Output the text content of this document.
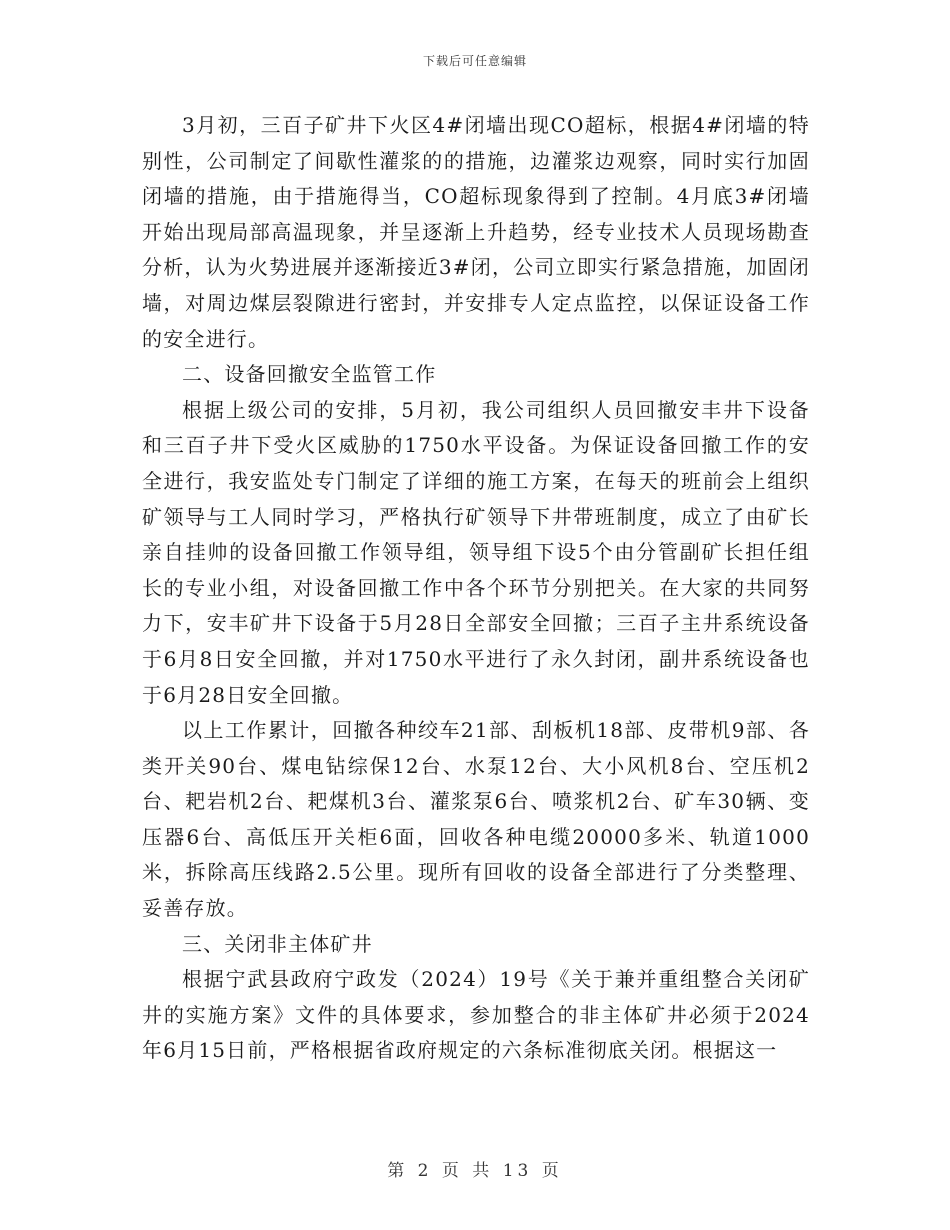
下载后可任意编辑

3月初，三百子矿井下火区4#闭墙出现CO超标，根据4#闭墙的特别性，公司制定了间歇性灌浆的的措施，边灌浆边观察，同时实行加固闭墙的措施，由于措施得当，CO超标现象得到了控制。4月底3#闭墙开始出现局部高温现象，并呈逐渐上升趋势，经专业技术人员现场勘查分析，认为火势进展并逐渐接近3#闭，公司立即实行紧急措施，加固闭墙，对周边煤层裂隙进行密封，并安排专人定点监控，以保证设备工作的安全进行。

二、设备回撤安全监管工作

根据上级公司的安排，5月初，我公司组织人员回撤安丰井下设备和三百子井下受火区威胁的1750水平设备。为保证设备回撤工作的安全进行，我安监处专门制定了详细的施工方案，在每天的班前会上组织矿领导与工人同时学习，严格执行矿领导下井带班制度，成立了由矿长亲自挂帅的设备回撤工作领导组，领导组下设5个由分管副矿长担任组长的专业小组，对设备回撤工作中各个环节分别把关。在大家的共同努力下，安丰矿井下设备于5月28日全部安全回撤；三百子主井系统设备于6月8日安全回撤，并对1750水平进行了永久封闭，副井系统设备也于6月28日安全回撤。

以上工作累计，回撤各种绞车21部、刮板机18部、皮带机9部、各类开关90台、煤电钻综保12台、水泵12台、大小风机8台、空压机2台、耙岩机2台、耙煤机3台、灌浆泵6台、喷浆机2台、矿车30辆、变压器6台、高低压开关柜6面，回收各种电缆20000多米、轨道1000米，拆除高压线路2.5公里。现所有回收的设备全部进行了分类整理、妥善存放。

三、关闭非主体矿井

根据宁武县政府宁政发（2024）19号《关于兼并重组整合关闭矿井的实施方案》文件的具体要求，参加整合的非主体矿井必须于2024年6月15日前，严格根据省政府规定的六条标准彻底关闭。根据这一

第 2 页 共 13 页
